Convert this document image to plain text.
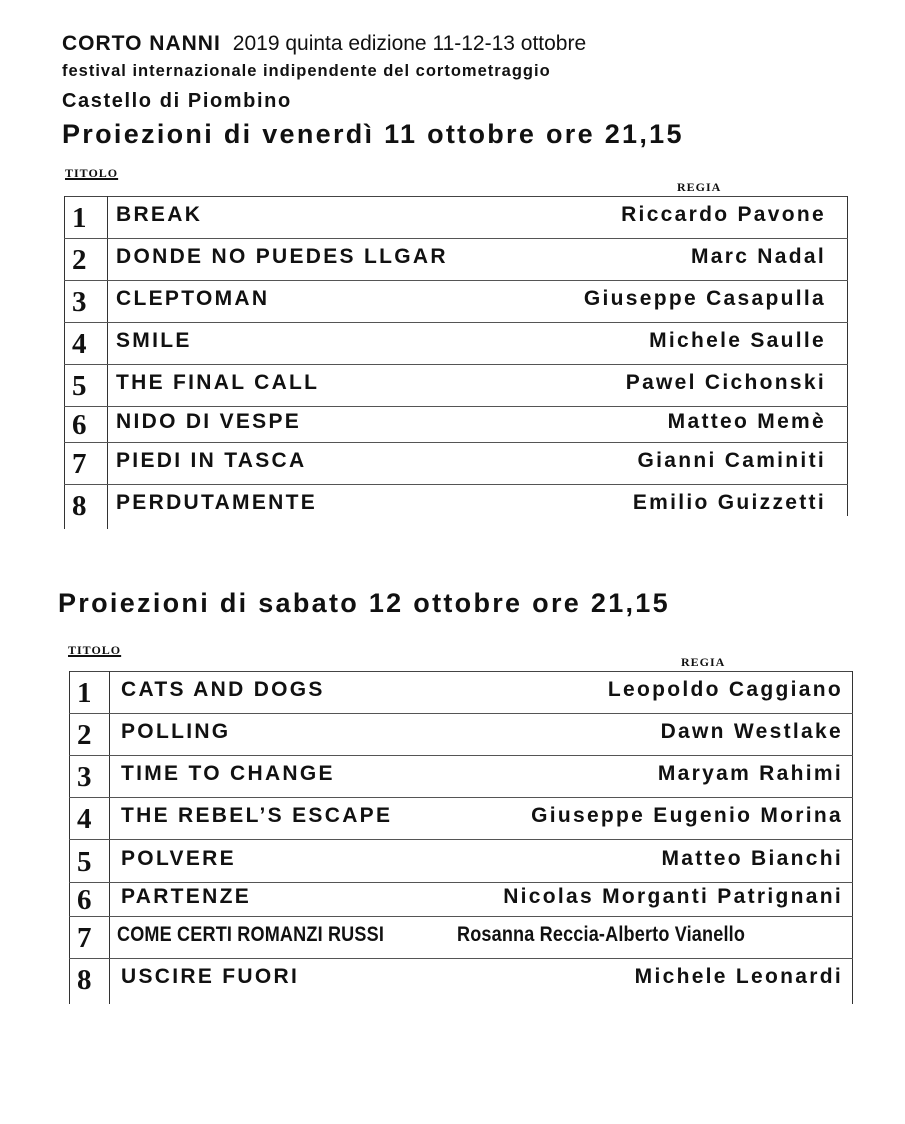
CORTO NANNI 2019 quinta edizione 11-12-13 ottobre
festival internazionale indipendente del cortometraggio
Castello di Piombino
Proiezioni di venerdì 11 ottobre ore 21,15
TITOLO
REGIA
1 BREAK	Riccardo Pavone
2 DONDE NO PUEDES LLGAR	Marc Nadal
3 CLEPTOMAN	Giuseppe Casapulla
4 SMILE	Michele Saulle
5 THE FINAL CALL	Pawel Cichonski
6 NIDO DI VESPE	Matteo Memè
7 PIEDI IN TASCA	Gianni Caminiti
8 PERDUTAMENTE	Emilio Guizzetti
Proiezioni di sabato 12 ottobre ore 21,15
TITOLO
REGIA
1 CATS AND DOGS	Leopoldo Caggiano
2 POLLING	Dawn Westlake
3 TIME TO CHANGE	Maryam Rahimi
4 THE REBEL’S ESCAPE	Giuseppe Eugenio Morina
5 POLVERE	Matteo Bianchi
6 PARTENZE	Nicolas Morganti Patrignani
7 COME CERTI ROMANZI RUSSI	Rosanna Reccia-Alberto Vianello
8 USCIRE FUORI	Michele Leonardi
